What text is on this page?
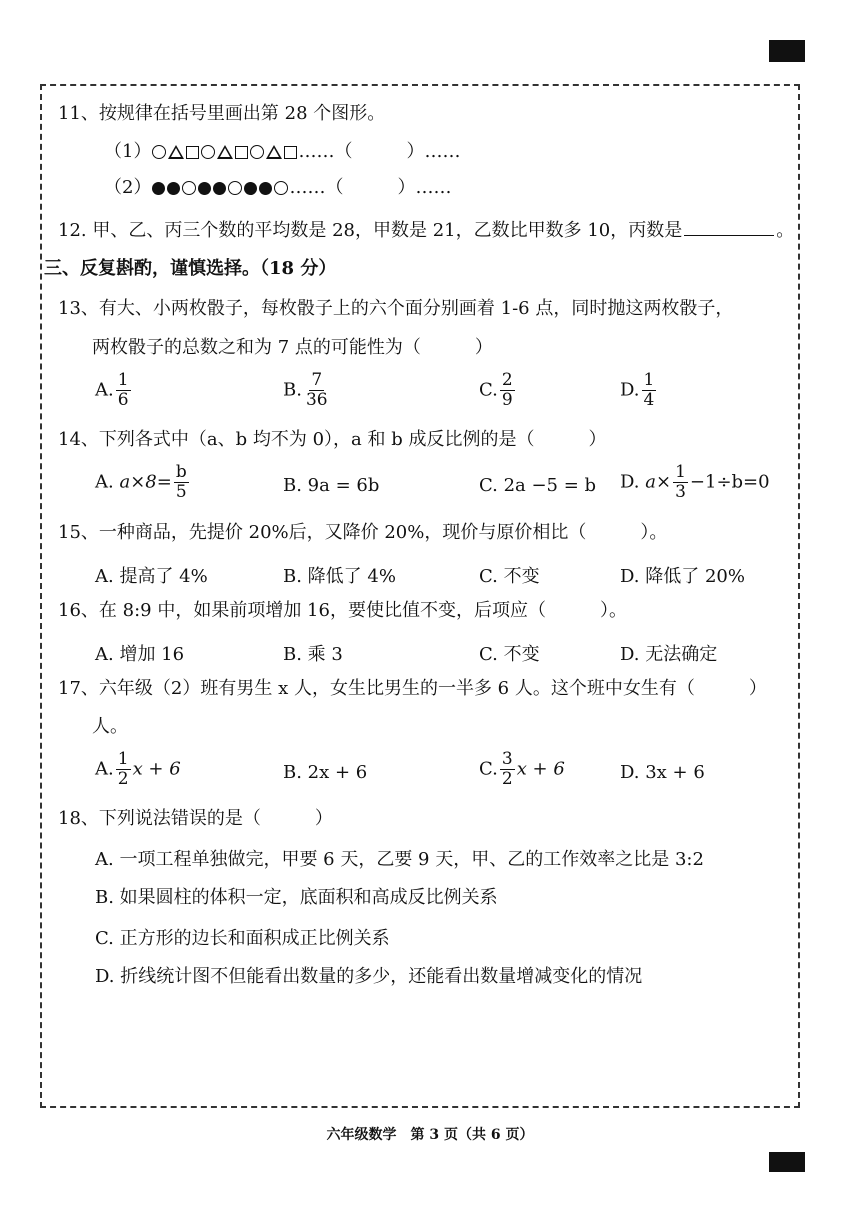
11、按规律在括号里画出第 28 个图形。
（1）	……（　　　）……
（2）	……（　　　）……
12. 甲、乙、丙三个数的平均数是 28，甲数是 21，乙数比甲数多 10，丙数是	。
三、反复斟酌，谨慎选择。（18 分）
13、有大、小两枚骰子，每枚骰子上的六个面分别画着 1-6 点，同时抛这两枚骰子，
两枚骰子的总数之和为 7 点的可能性为（　　　）
A. $\frac{1}{6}$	B. $\frac{7}{36}$	C. $\frac{2}{9}$	D. $\frac{1}{4}$
14、下列各式中（a、b 均不为 0），a 和 b 成反比例的是（　　　）
A. $a\times 8= \frac{b}{5}$	B. 9a = 6b	C. 2a −5 = b D. $a\times \frac{1}{3} -1\div b=0$
15、一种商品，先提价 20%后，又降价 20%，现价与原价相比（　　　）。
A. 提高了 4%	B. 降低了 4%	C. 不变	D. 降低了 20%
16、在 8:9 中，如果前项增加 16，要使比值不变，后项应（　　　）。
A. 增加 16	B. 乘 3	C. 不变	D. 无法确定
17、六年级（2）班有男生 x 人，女生比男生的一半多 6 人。这个班中女生有（　　　）
人。
A. $\frac{1}{2}$ x + 6	B. 2x + 6	C. $\frac{3}{2}$ x + 6	D. 3x + 6
18、下列说法错误的是（　　　）
A. 一项工程单独做完，甲要 6 天，乙要 9 天，甲、乙的工作效率之比是 3:2
B. 如果圆柱的体积一定，底面积和高成反比例关系
C. 正方形的边长和面积成正比例关系
D. 折线统计图不但能看出数量的多少，还能看出数量增减变化的情况
六年级数学　第 3 页（共 6 页）
